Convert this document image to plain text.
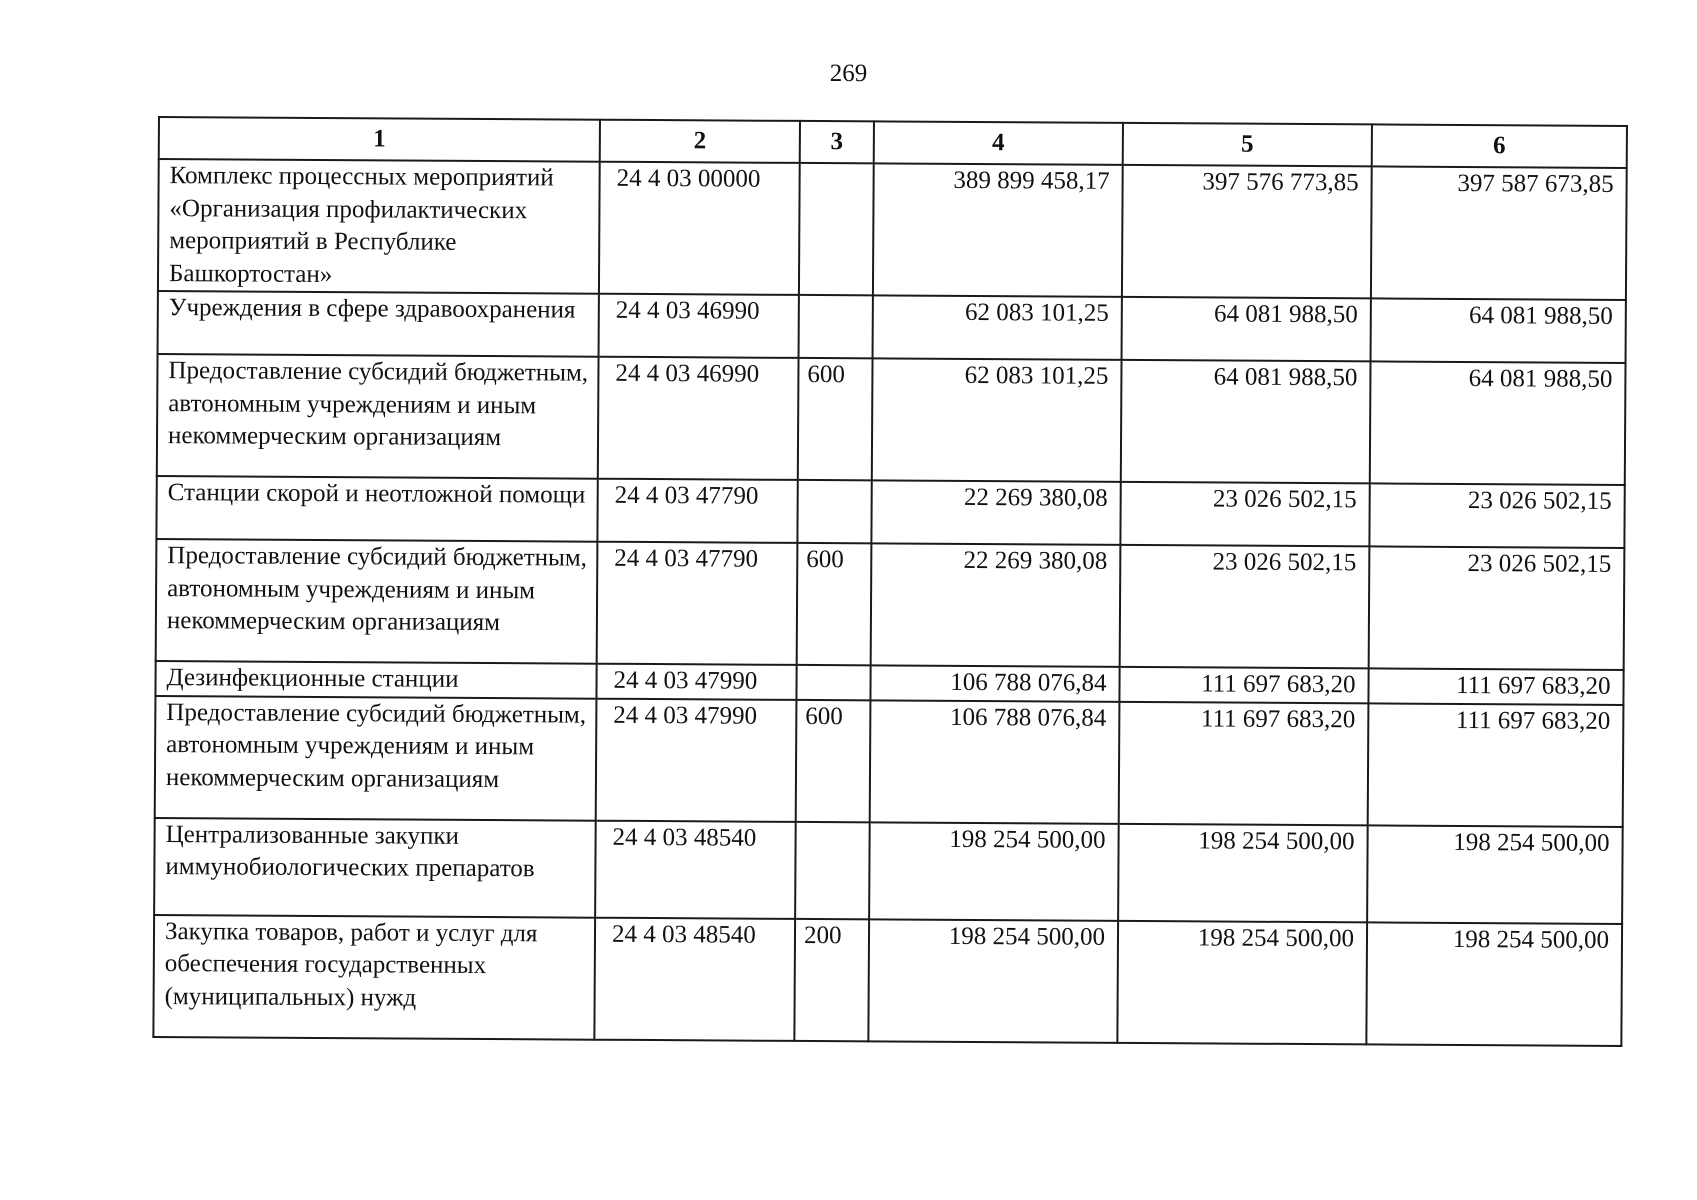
269
1	2	3	4	5	6
Комплекс процессных мероприятий «Организация профилактических мероприятий в Республике Башкортостан»	24 4 03 00000		389 899 458,17	397 576 773,85	397 587 673,85
Учреждения в сфере здравоохранения	24 4 03 46990		62 083 101,25	64 081 988,50	64 081 988,50
Предоставление субсидий бюджетным, автономным учреждениям и иным некоммерческим организациям	24 4 03 46990	600	62 083 101,25	64 081 988,50	64 081 988,50
Станции скорой и неотложной помощи	24 4 03 47790		22 269 380,08	23 026 502,15	23 026 502,15
Предоставление субсидий бюджетным, автономным учреждениям и иным некоммерческим организациям	24 4 03 47790	600	22 269 380,08	23 026 502,15	23 026 502,15
Дезинфекционные станции	24 4 03 47990		106 788 076,84	111 697 683,20	111 697 683,20
Предоставление субсидий бюджетным, автономным учреждениям и иным некоммерческим организациям	24 4 03 47990	600	106 788 076,84	111 697 683,20	111 697 683,20
Централизованные закупки иммунобиологических препаратов	24 4 03 48540		198 254 500,00	198 254 500,00	198 254 500,00
Закупка товаров, работ и услуг для обеспечения государственных (муниципальных) нужд	24 4 03 48540	200	198 254 500,00	198 254 500,00	198 254 500,00
